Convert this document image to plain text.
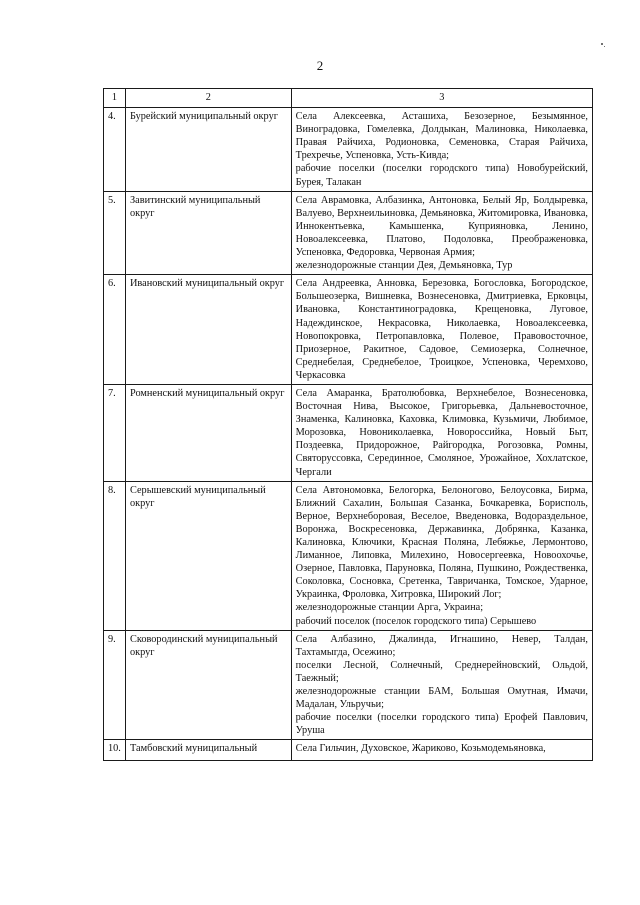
2
1	2	3
4.	Бурейский муниципальный округ	Села Алексеевка, Асташиха, Безозерное, Безымянное, Виноградовка, Гомелевка, Долдыкан, Малиновка, Николаевка, Правая Райчиха, Родионовка, Семеновка, Старая Райчиха, Трехречье, Успеновка, Усть-Кивда;

рабочие поселки (поселки городского типа) Новобурейский, Бурея, Талакан

5.	Завитинский муниципальный округ	Села Аврамовка, Албазинка, Антоновка, Белый Яр, Болдыревка, Валуево, Верхнеильиновка, Демьяновка, Житомировка, Ивановка, Иннокентьевка, Камышенка, Куприяновка, Ленино, Новоалексеевка, Платово, Подоловка, Преображеновка, Успеновка, Федоровка, Червоная Армия;

железнодорожные станции Дея, Демьяновка, Тур

6.	Ивановский муниципальный округ	Села Андреевка, Анновка, Березовка, Богословка, Богородское, Большеозерка, Вишневка, Вознесеновка, Дмитриевка, Ерковцы, Ивановка, Константиноградовка, Крещеновка, Луговое, Надеждинское, Некрасовка, Николаевка, Новоалексеевка, Новопокровка, Петропавловка, Полевое, Правовосточное, Приозерное, Ракитное, Садовое, Семиозерка, Солнечное, Среднебелая, Среднебелое, Троицкое, Успеновка, Черемхово, Черкасовка

7.	Ромненский муниципальный округ	Села Амаранка, Братолюбовка, Верхнебелое, Вознесеновка, Восточная Нива, Высокое, Григорьевка, Дальневосточное, Знаменка, Калиновка, Каховка, Климовка, Кузьмичи, Любимое, Морозовка, Новониколаевка, Новороссийка, Новый Быт, Поздеевка, Придорожное, Райгородка, Рогозовка, Ромны, Святоруссовка, Серединное, Смоляное, Урожайное, Хохлатское, Чергали

8.	Серышевский муниципальный округ	Села Автономовка, Белогорка, Белоногово, Белоусовка, Бирма, Ближний Сахалин, Большая Сазанка, Бочкаревка, Борисполь, Верное, Верхнеборовая, Веселое, Введеновка, Водораздельное, Воронжа, Воскресеновка, Державинка, Добрянка, Казанка, Калиновка, Ключики, Красная Поляна, Лебяжье, Лермонтово, Лиманное, Липовка, Милехино, Новосергеевка, Новоохочье, Озерное, Павловка, Паруновка, Поляна, Пушкино, Рождественка, Соколовка, Сосновка, Сретенка, Тавричанка, Томское, Ударное, Украинка, Фроловка, Хитровка, Широкий Лог;

железнодорожные станции Арга, Украина;

рабочий поселок (поселок городского типа) Серышево

9.	Сковородинский муниципальный округ	Села Албазино, Джалинда, Игнашино, Невер, Талдан, Тахтамыгда, Осежино;

поселки Лесной, Солнечный, Среднерейновский, Ольдой, Таежный;

железнодорожные станции БАМ, Большая Омутная, Имачи, Мадалан, Ульручьи;

рабочие поселки (поселки городского типа) Ерофей Павлович, Уруша

10.	Тамбовский муниципальный	Села Гильчин, Духовское, Жариково, Козьмодемьяновка,
